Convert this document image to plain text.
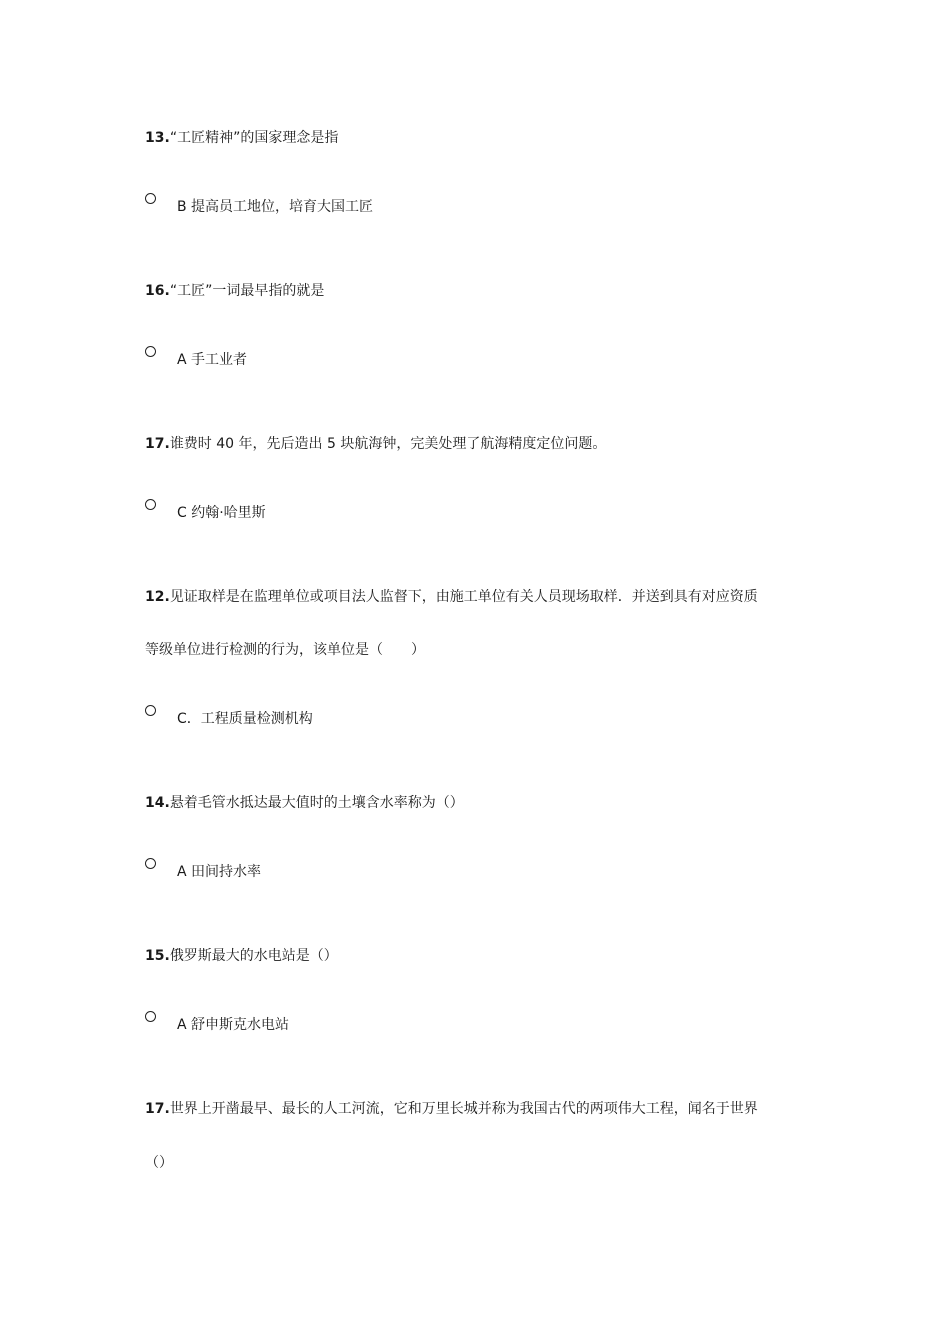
13.“工匠精神”的国家理念是指
B 提高员工地位，培育大国工匠
16.“工匠”一词最早指的就是
A 手工业者
17.谁费时 40 年，先后造出 5 块航海钟，完美处理了航海精度定位问题。
C 约翰·哈里斯
12.见证取样是在监理单位或项目法人监督下，由施工单位有关人员现场取样．并送到具有对应资质
等级单位进行检测的行为，该单位是（　　）
C．工程质量检测机构
14.悬着毛管水抵达最大值时的土壤含水率称为（）
A 田间持水率
15.俄罗斯最大的水电站是（）
A 舒申斯克水电站
17.世界上开凿最早、最长的人工河流，它和万里长城并称为我国古代的两项伟大工程，闻名于世界
（）
